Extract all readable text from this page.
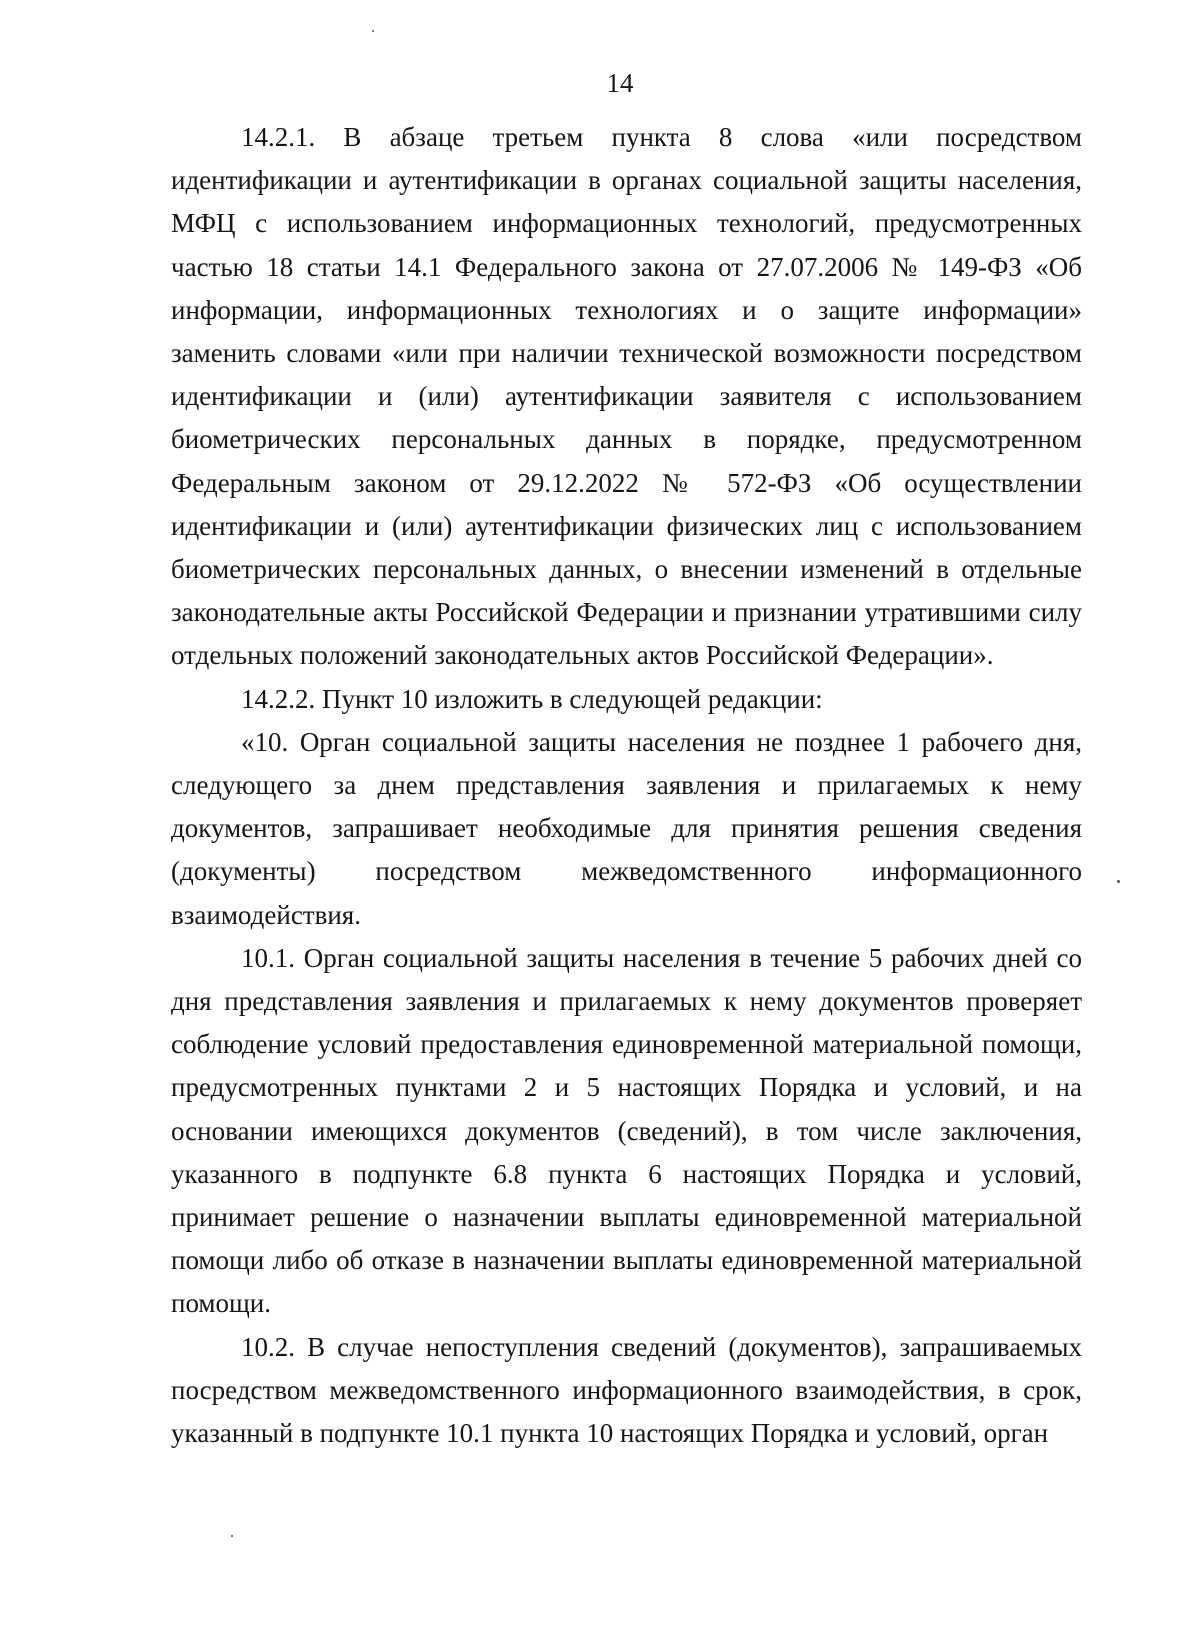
14

14.2.1. В абзаце третьем пункта 8 слова «или посредством идентификации и аутентификации в органах социальной защиты населения, МФЦ с использованием информационных технологий, предусмотренных частью 18 статьи 14.1 Федерального закона от 27.07.2006 № 149-ФЗ «Об информации, информационных технологиях и о защите информации» заменить словами «или при наличии технической возможности посредством идентификации и (или) аутентификации заявителя с использованием биометрических персональных данных в порядке, предусмотренном Федеральным законом от 29.12.2022 № 572-ФЗ «Об осуществлении идентификации и (или) аутентификации физических лиц с использованием биометрических персональных данных, о внесении изменений в отдельные законодательные акты Российской Федерации и признании утратившими силу отдельных положений законодательных актов Российской Федерации».

14.2.2. Пункт 10 изложить в следующей редакции:

«10. Орган социальной защиты населения не позднее 1 рабочего дня, следующего за днем представления заявления и прилагаемых к нему документов, запрашивает необходимые для принятия решения сведения (документы) посредством межведомственного информационного взаимодействия.

10.1. Орган социальной защиты населения в течение 5 рабочих дней со дня представления заявления и прилагаемых к нему документов проверяет соблюдение условий предоставления единовременной материальной помощи, предусмотренных пунктами 2 и 5 настоящих Порядка и условий, и на основании имеющихся документов (сведений), в том числе заключения, указанного в подпункте 6.8 пункта 6 настоящих Порядка и условий, принимает решение о назначении выплаты единовременной материальной помощи либо об отказе в назначении выплаты единовременной материальной помощи.

10.2. В случае непоступления сведений (документов), запрашиваемых посредством межведомственного информационного взаимодействия, в срок, указанный в подпункте 10.1 пункта 10 настоящих Порядка и условий, орган
